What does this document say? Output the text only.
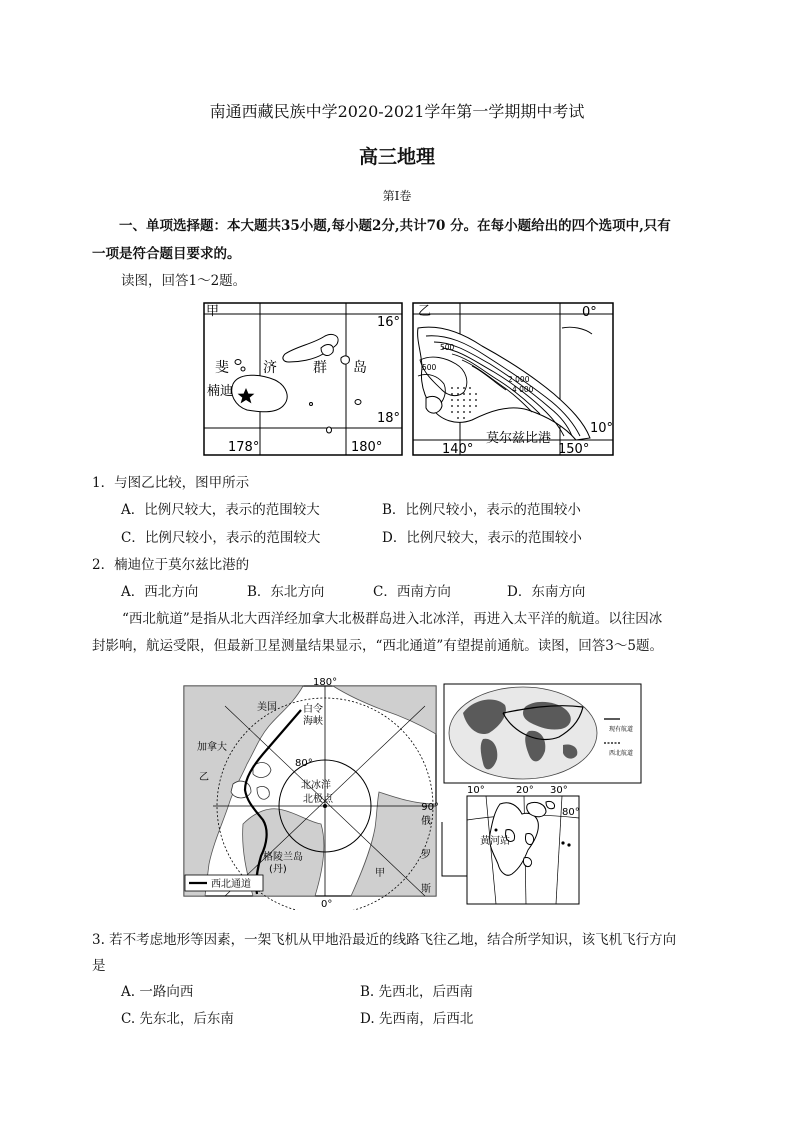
南通西藏民族中学2020-2021学年第一学期期中考试
高三地理
第Ⅰ卷
一、单项选择题：本大题共35小题,每小题2分,共计70 分。在每小题给出的四个选项中,只有
一项是符合题目要求的。
读图，回答1～2题。
甲
16°
18°
178°	180°
斐 济	群 岛
楠迪
乙	0°
10°
140°	150°
莫尔兹比港
500
500
2 000
4 000
1．与图乙比较，图甲所示
A．比例尺较大，表示的范围较大	B．比例尺较小，表示的范围较小
C．比例尺较小，表示的范围较大	D．比例尺较大，表示的范围较小
2．楠迪位于莫尔兹比港的
A．西北方向	B．东北方向	C．西南方向	D．东南方向
“西北航道”是指从北大西洋经加拿大北极群岛进入北冰洋，再进入太平洋的航道。以往因冰
封影响，航运受限，但最新卫星测量结果显示，“西北通道”有望提前通航。读图，回答3～5题。
西北通道
180°
0°
90°
80°
美国	白令
海峡
加拿大
乙
北冰洋
北极点
俄
罗
斯
格陵兰岛
(丹)	甲
现有航道
西北航道
10°	20° 30°
80°
黄河站
3. 若不考虑地形等因素，一架飞机从甲地沿最近的线路飞往乙地，结合所学知识，该飞机飞行方向
是
A. 一路向西	B. 先西北，后西南
C. 先东北，后东南	D. 先西南，后西北
